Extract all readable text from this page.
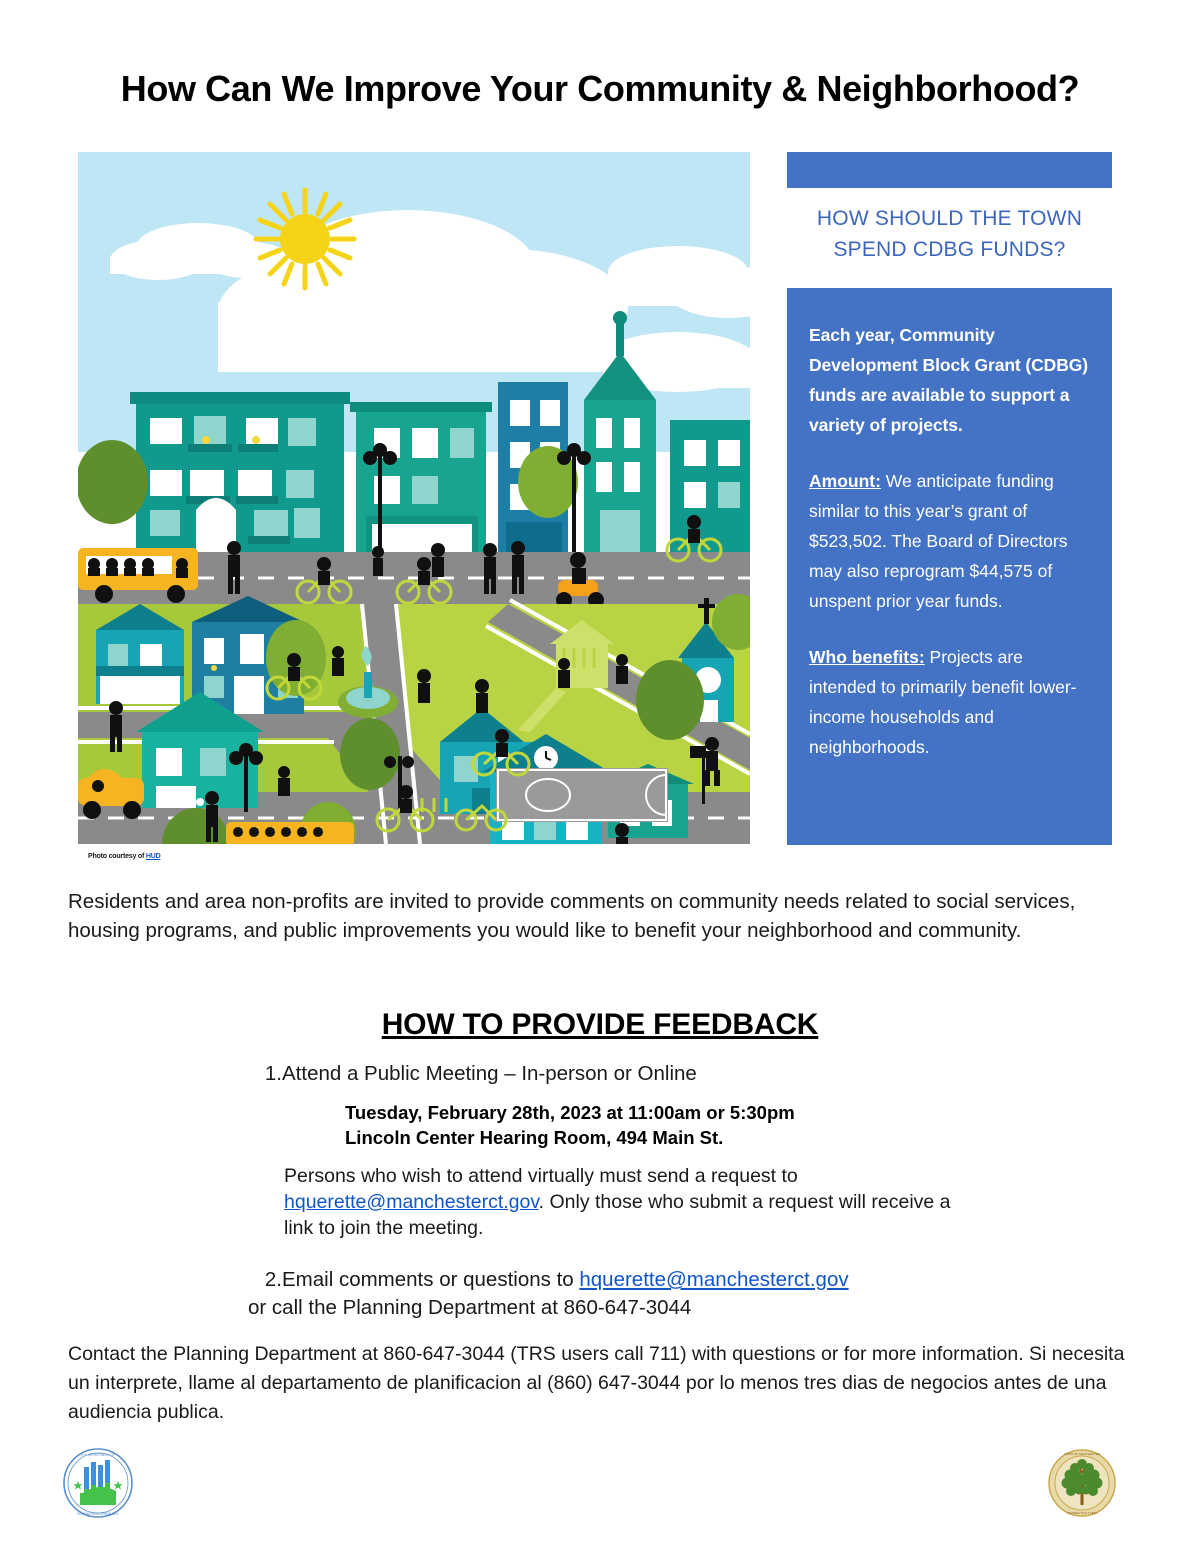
How Can We Improve Your Community & Neighborhood?
Photo courtesy of HUD
HOW SHOULD THE TOWN
SPEND CDBG FUNDS?

Each year, Community Development Block Grant (CDBG) funds are available to support a variety of projects.

Amount: We anticipate funding similar to this year’s grant of $523,502. The Board of Directors may also reprogram $44,575 of unspent prior year funds.

Who benefits: Projects are intended to primarily benefit lower-income households and neighborhoods.

Residents and area non-profits are invited to provide comments on community needs related to social services, housing programs, and public improvements you would like to benefit your neighborhood and community.
HOW TO PROVIDE FEEDBACK
1. Attend a Public Meeting – In-person or Online
Tuesday, February 28th, 2023 at 11:00am or 5:30pm
Lincoln Center Hearing Room, 494 Main St.
Persons who wish to attend virtually must send a request to hquerette@manchesterct.gov. Only those who submit a request will receive a link to join the meeting.
2. Email comments or questions to hquerette@manchesterct.gov
or call the Planning Department at 860-647-3044
Contact the Planning Department at 860-647-3044 (TRS users call 711) with questions or for more information. Si necesita un interprete, llame al departamento de planificacion al (860) 647-3044 por lo menos tres dias de negocios antes de una audiencia publica.
U.S. DEPARTMENT OF
HOUSING AND URBAN DEV.
TOWN OF MANCHESTER
CONNECTICUT 1823
